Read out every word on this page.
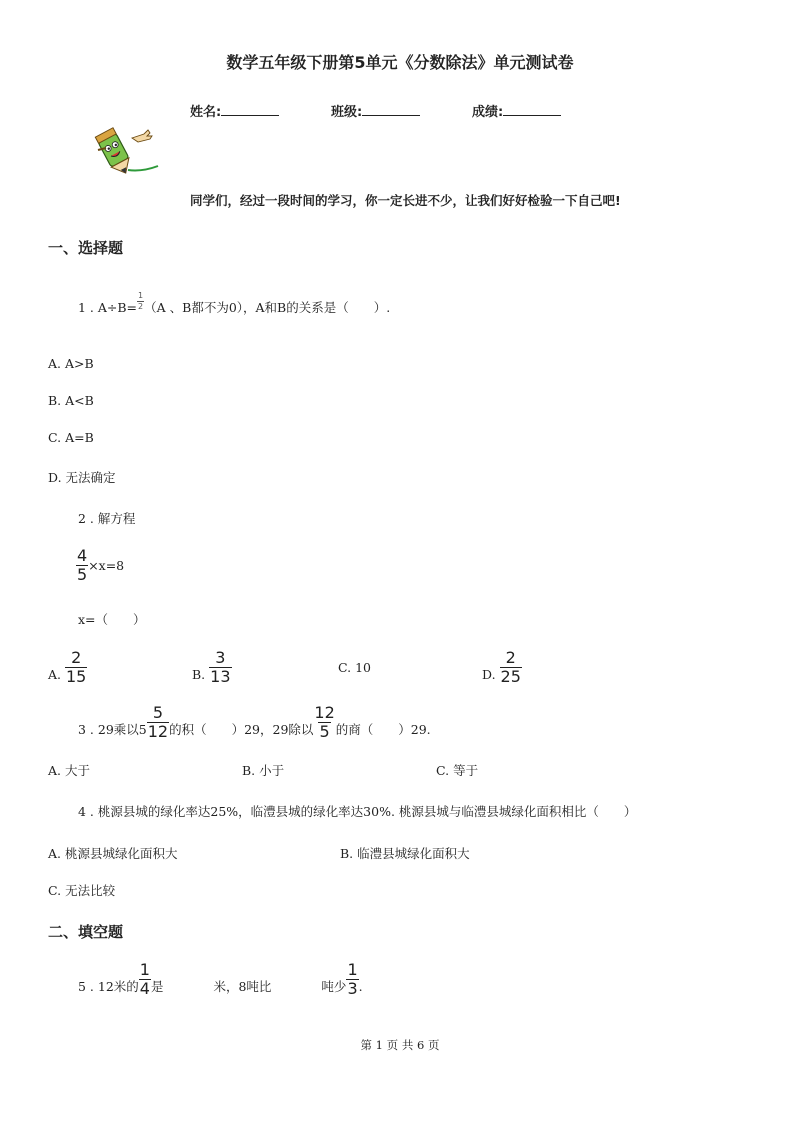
数学五年级下册第5单元《分数除法》单元测试卷
姓名:	班级:	成绩:
同学们，经过一段时间的学习，你一定长进不少，让我们好好检验一下自己吧!
一、选择题
1 . $A\div B= \frac{1}{2} (A$ 、B都不为0），A和B的关系是（　　）.
A. A>B
B. A<B
C. A=B
D. 无法确定
2 . 解方程
$\frac{4}{5} \times x=8$
x=（　　）
A. $\frac{2}{15}$	B. $\frac{3}{13}$	C. 10	D. $\frac{2}{25}$
3 . 29乘以$5 \frac{5}{12}$ 的积（　　）29，29除以 $\frac{12}{5}$ 的商（　　）29.
A. 大于	B. 小于	C. 等于
4 . 桃源县城的绿化率达25%，临澧县城的绿化率达30%. 桃源县城与临澧县城绿化面积相比（　　）
A. 桃源县城绿化面积大	B. 临澧县城绿化面积大
C. 无法比较
二、填空题
5 . 12米的 $\frac{1}{4}$ 是　　　　米，8吨比　　　　吨少 $\frac{1}{3}$ .
第 1 页 共 6 页
